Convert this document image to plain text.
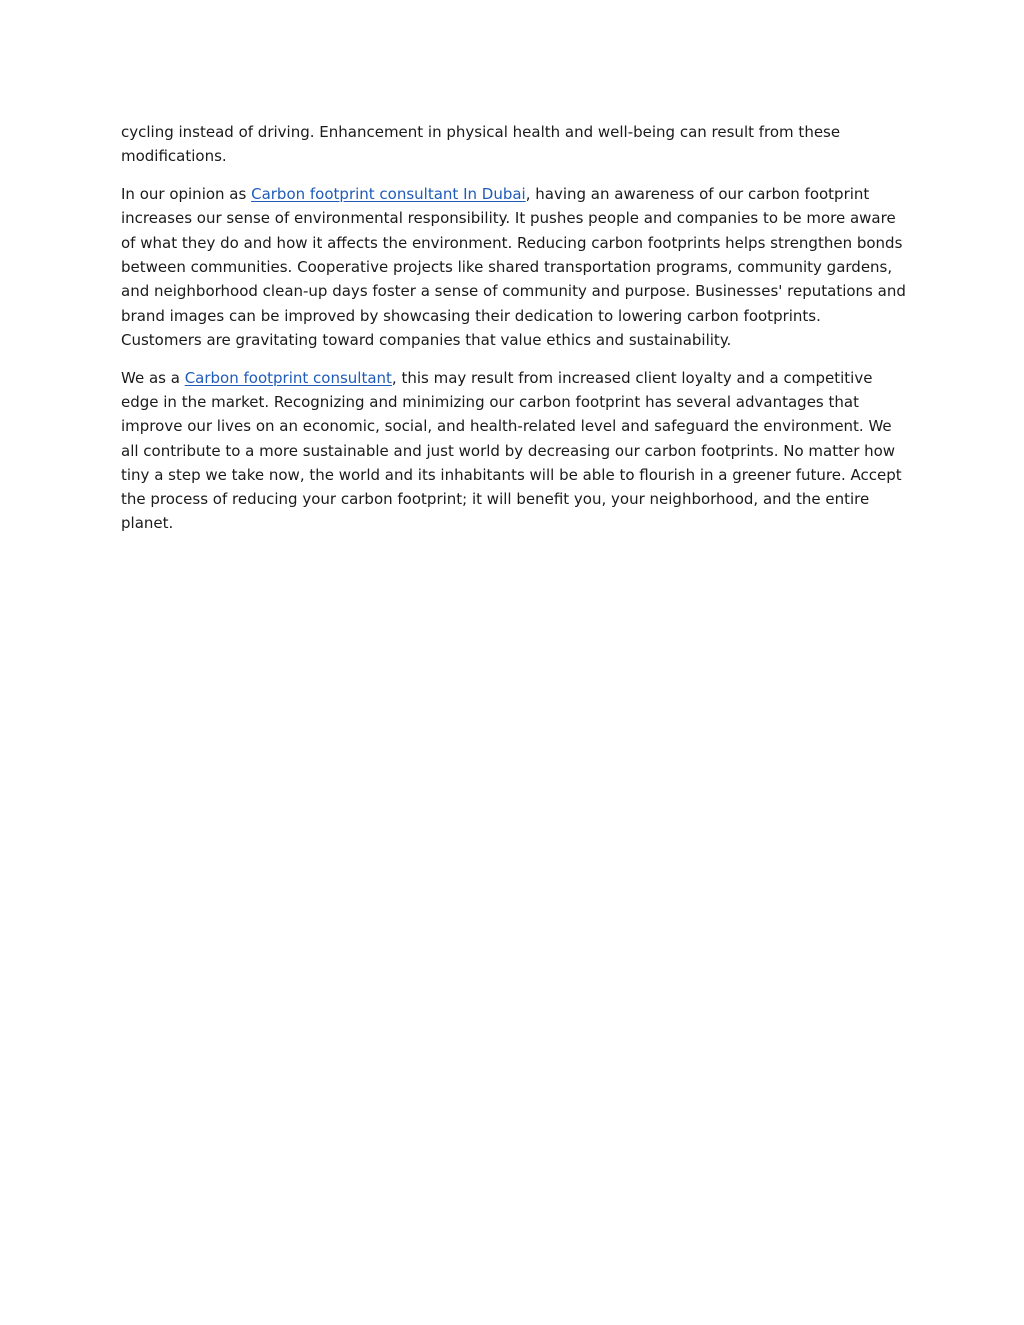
cycling instead of driving. Enhancement in physical health and well-being can result from these modifications.

In our opinion as Carbon footprint consultant In Dubai, having an awareness of our carbon footprint increases our sense of environmental responsibility. It pushes people and companies to be more aware of what they do and how it affects the environment. Reducing carbon footprints helps strengthen bonds between communities. Cooperative projects like shared transportation programs, community gardens, and neighborhood clean-up days foster a sense of community and purpose. Businesses' reputations and brand images can be improved by showcasing their dedication to lowering carbon footprints. Customers are gravitating toward companies that value ethics and sustainability.

We as a Carbon footprint consultant, this may result from increased client loyalty and a competitive edge in the market. Recognizing and minimizing our carbon footprint has several advantages that improve our lives on an economic, social, and health-related level and safeguard the environment. We all contribute to a more sustainable and just world by decreasing our carbon footprints. No matter how tiny a step we take now, the world and its inhabitants will be able to flourish in a greener future. Accept the process of reducing your carbon footprint; it will benefit you, your neighborhood, and the entire planet.
